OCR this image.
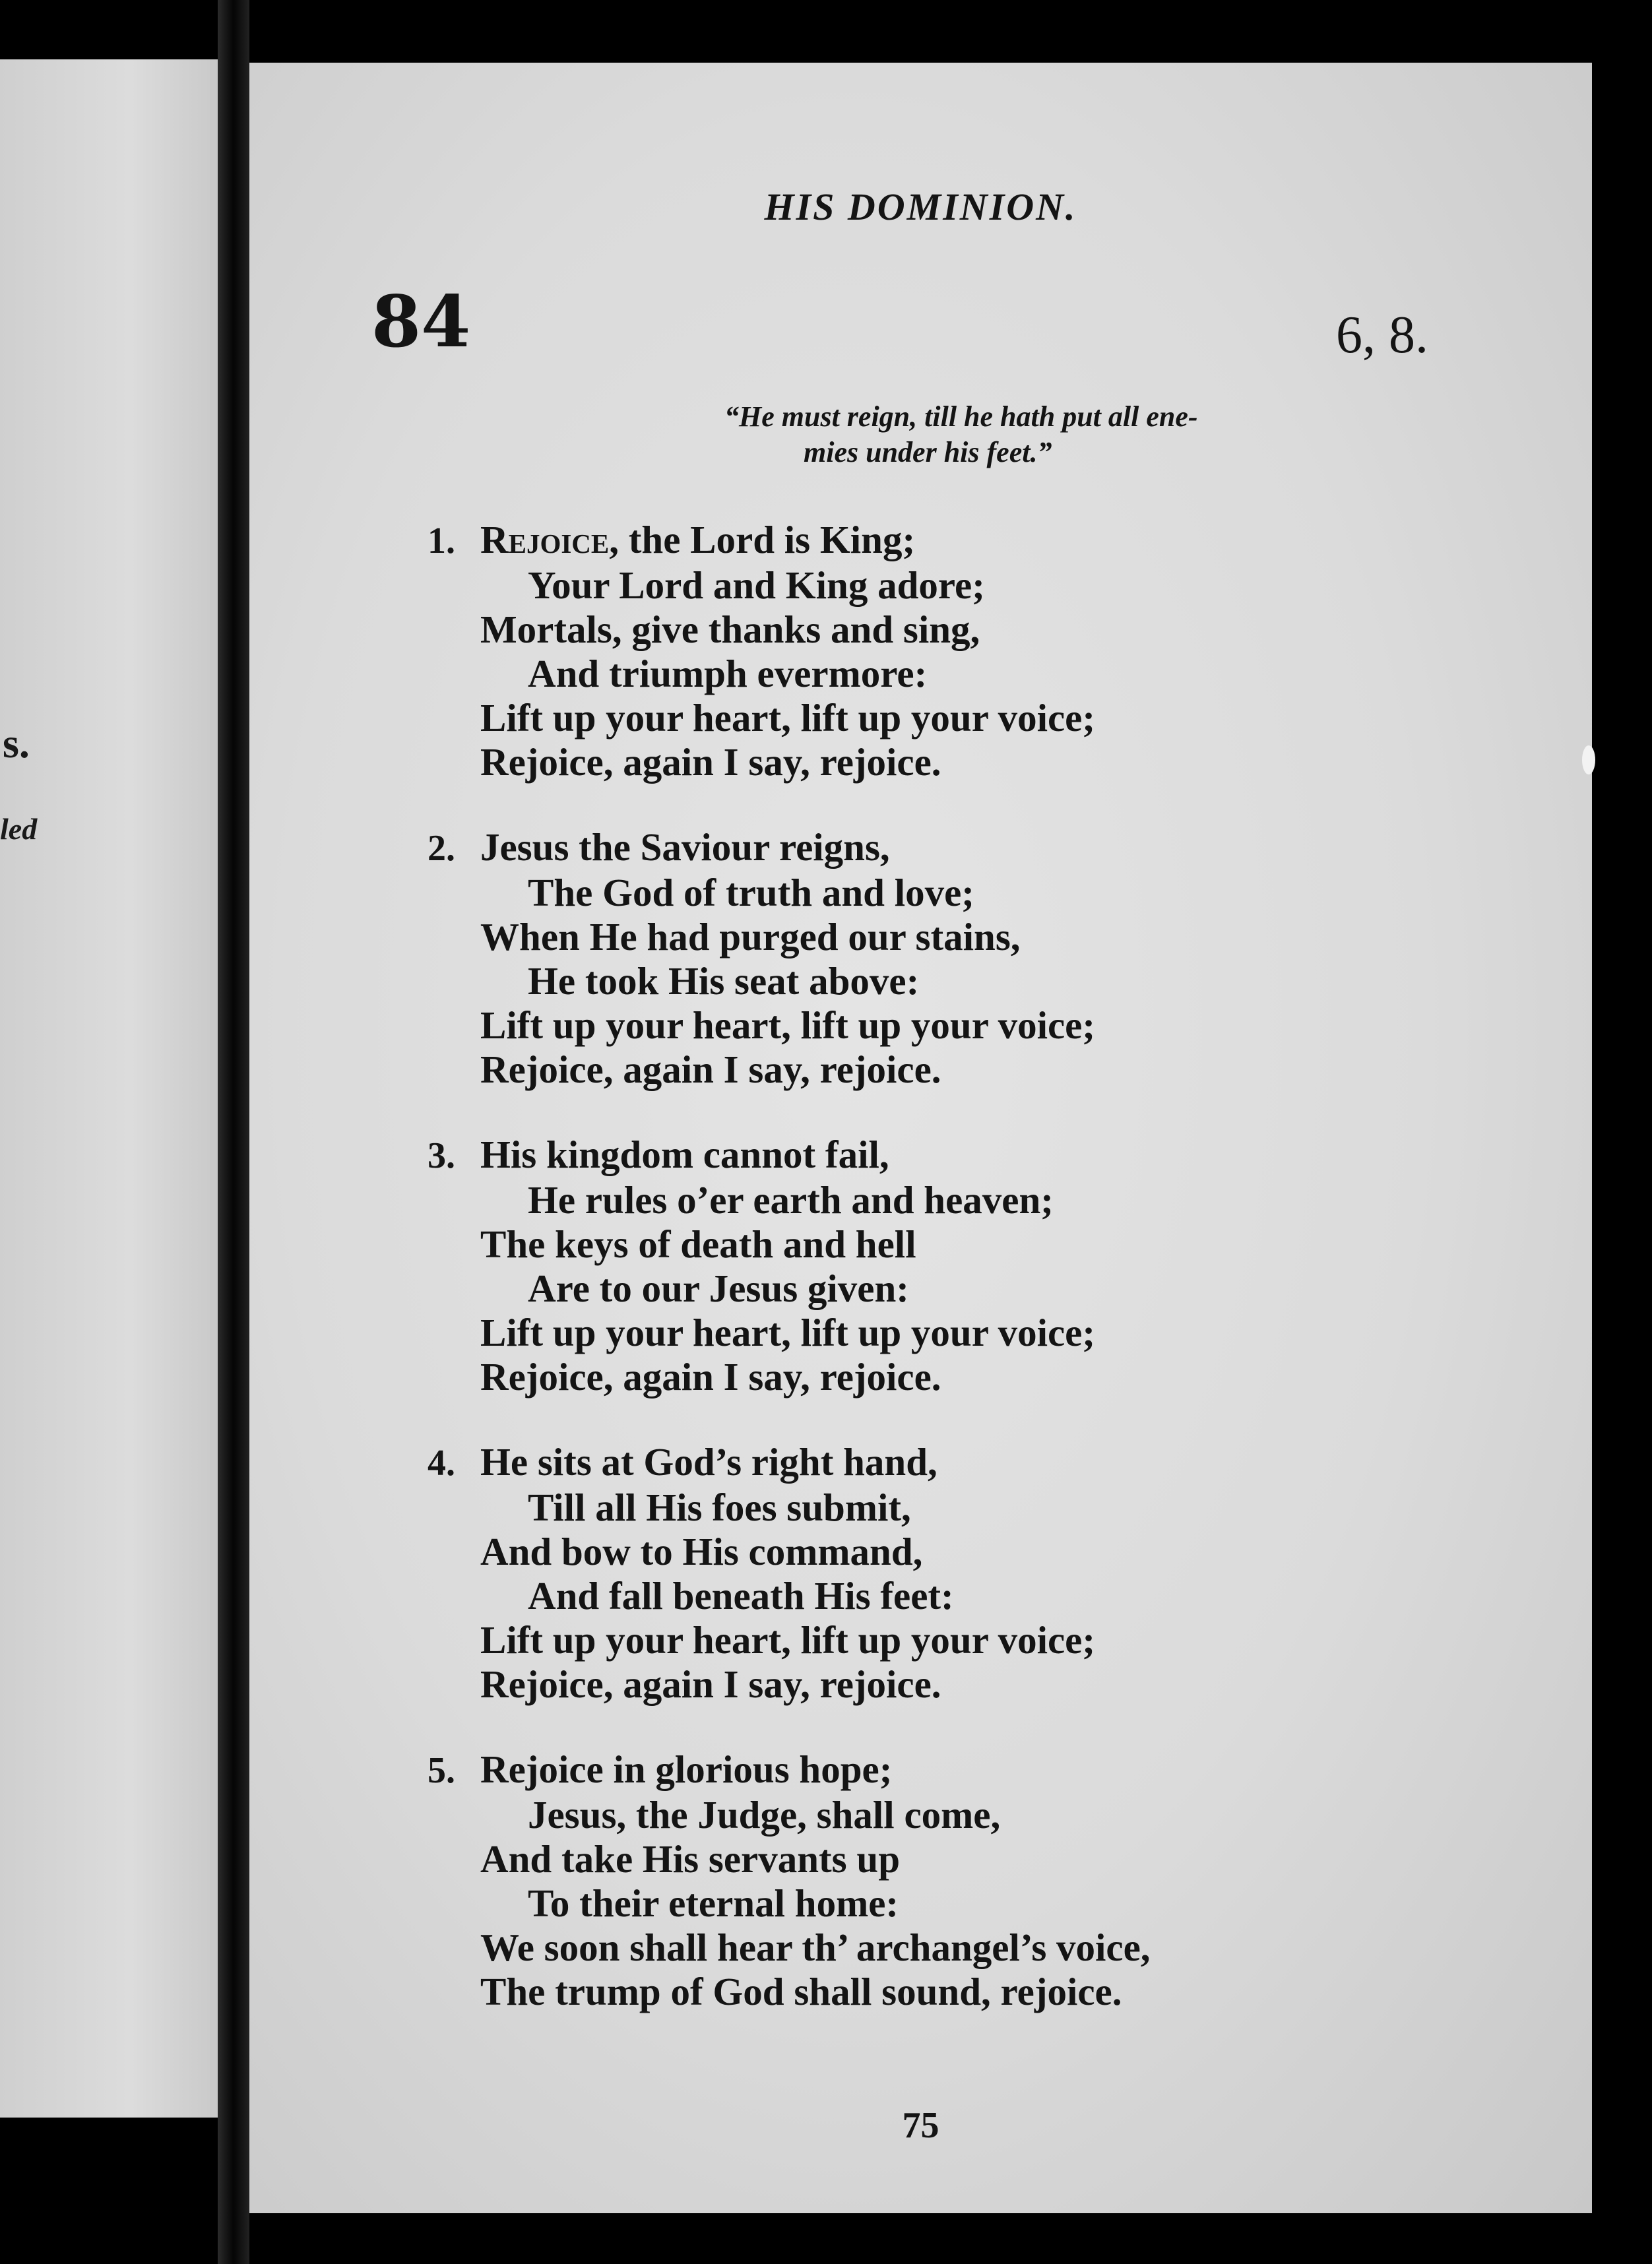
s.
led
HIS DOMINION.
84	6, 8.
“He must reign, till he hath put all ene-
mies under his feet.”
1. Rejoice, the Lord is King;
Your Lord and King adore;
Mortals, give thanks and sing,
And triumph evermore:
Lift up your heart, lift up your voice;
Rejoice, again I say, rejoice.
2. Jesus the Saviour reigns,
The God of truth and love;
When He had purged our stains,
He took His seat above:
Lift up your heart, lift up your voice;
Rejoice, again I say, rejoice.
3. His kingdom cannot fail,
He rules o’er earth and heaven;
The keys of death and hell
Are to our Jesus given:
Lift up your heart, lift up your voice;
Rejoice, again I say, rejoice.
4. He sits at God’s right hand,
Till all His foes submit,
And bow to His command,
And fall beneath His feet:
Lift up your heart, lift up your voice;
Rejoice, again I say, rejoice.
5. Rejoice in glorious hope;
Jesus, the Judge, shall come,
And take His servants up
To their eternal home:
We soon shall hear th’ archangel’s voice,
The trump of God shall sound, rejoice.
75
